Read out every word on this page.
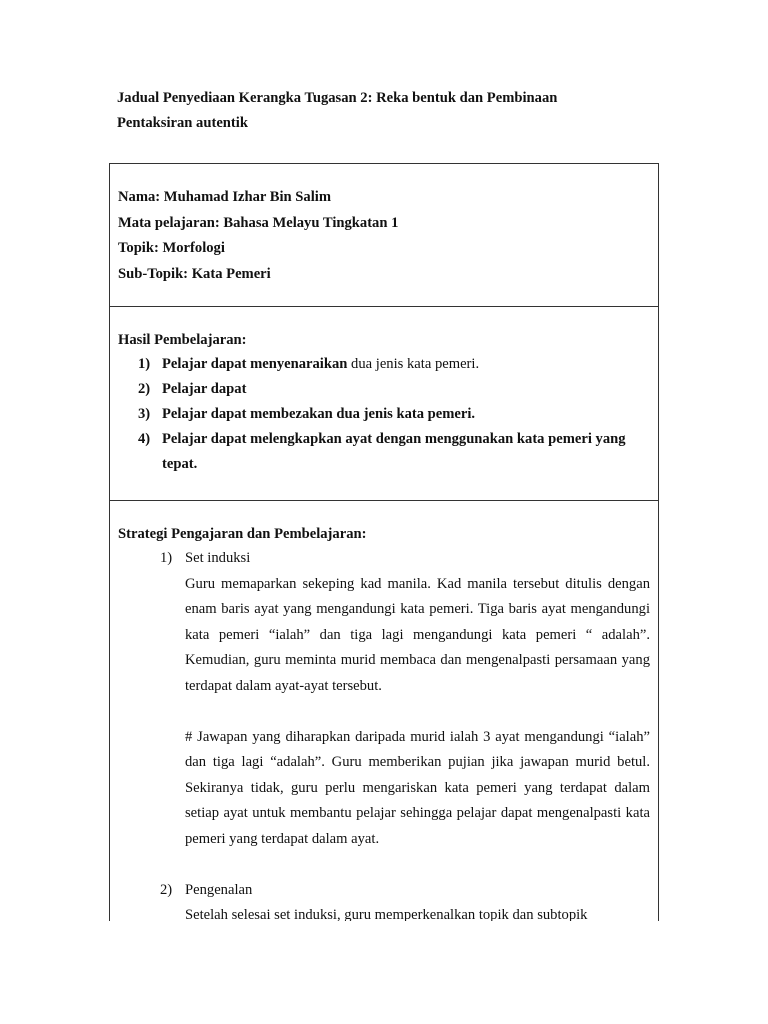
Jadual Penyediaan Kerangka Tugasan 2: Reka bentuk dan Pembinaan
Pentaksiran autentik
Nama: Muhamad Izhar Bin Salim
Mata pelajaran: Bahasa Melayu Tingkatan 1
Topik: Morfologi
Sub-Topik: Kata Pemeri
Hasil Pembelajaran:
1) Pelajar dapat menyenaraikan dua jenis kata pemeri.
2) Pelajar dapat
3) Pelajar dapat membezakan dua jenis kata pemeri.
4) Pelajar dapat melengkapkan ayat dengan menggunakan kata pemeri yang tepat.
Strategi Pengajaran dan Pembelajaran:
1) Set induksi
Guru memaparkan sekeping kad manila. Kad manila tersebut ditulis dengan enam baris ayat yang mengandungi kata pemeri. Tiga baris ayat mengandungi kata pemeri “ialah” dan tiga lagi mengandungi kata pemeri “ adalah”. Kemudian, guru meminta murid membaca dan mengenalpasti persamaan yang terdapat dalam ayat-ayat tersebut.
# Jawapan yang diharapkan daripada murid ialah 3 ayat mengandungi “ialah” dan tiga lagi “adalah”. Guru memberikan pujian jika jawapan murid betul. Sekiranya tidak, guru perlu mengariskan kata pemeri yang terdapat dalam setiap ayat untuk membantu pelajar sehingga pelajar dapat mengenalpasti kata pemeri yang terdapat dalam ayat.
2) Pengenalan
Setelah selesai set induksi, guru memperkenalkan topik dan subtopik
